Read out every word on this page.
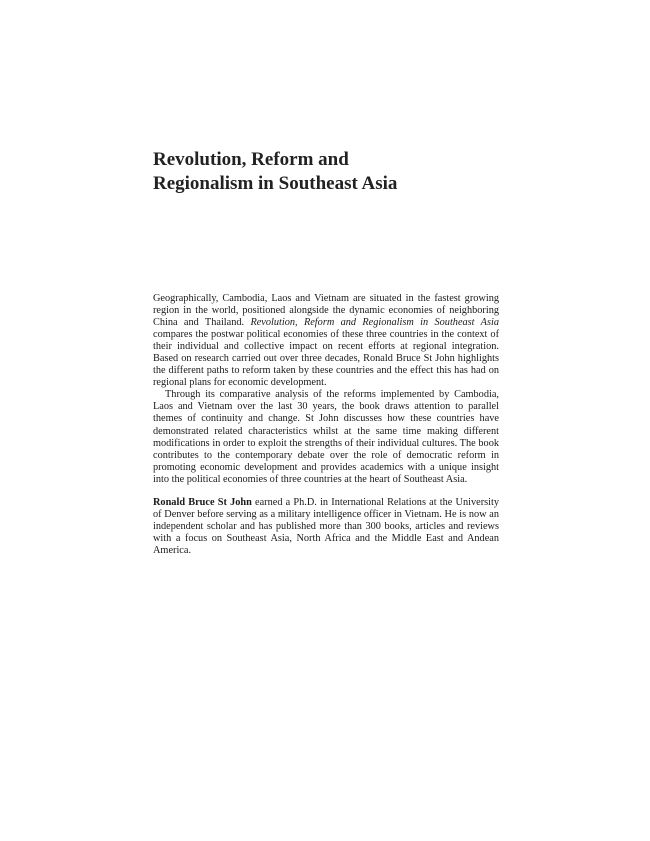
Revolution, Reform and
Regionalism in Southeast Asia

Geographically, Cambodia, Laos and Vietnam are situated in the fastest growing region in the world, positioned alongside the dynamic economies of neighboring China and Thailand. Revolution, Reform and Regionalism in Southeast Asia compares the postwar political economies of these three countries in the context of their individual and collective impact on recent efforts at regional integration. Based on research carried out over three decades, Ronald Bruce St John highlights the different paths to reform taken by these countries and the effect this has had on regional plans for economic development.

Through its comparative analysis of the reforms implemented by Cambodia, Laos and Vietnam over the last 30 years, the book draws attention to parallel themes of continuity and change. St John discusses how these countries have demonstrated related characteristics whilst at the same time making different modifications in order to exploit the strengths of their individual cultures. The book contributes to the contemporary debate over the role of democratic reform in promoting economic development and provides academics with a unique insight into the political economies of three countries at the heart of Southeast Asia.

Ronald Bruce St John earned a Ph.D. in International Relations at the University of Denver before serving as a military intelligence officer in Vietnam. He is now an independent scholar and has published more than 300 books, articles and reviews with a focus on Southeast Asia, North Africa and the Middle East and Andean America.
